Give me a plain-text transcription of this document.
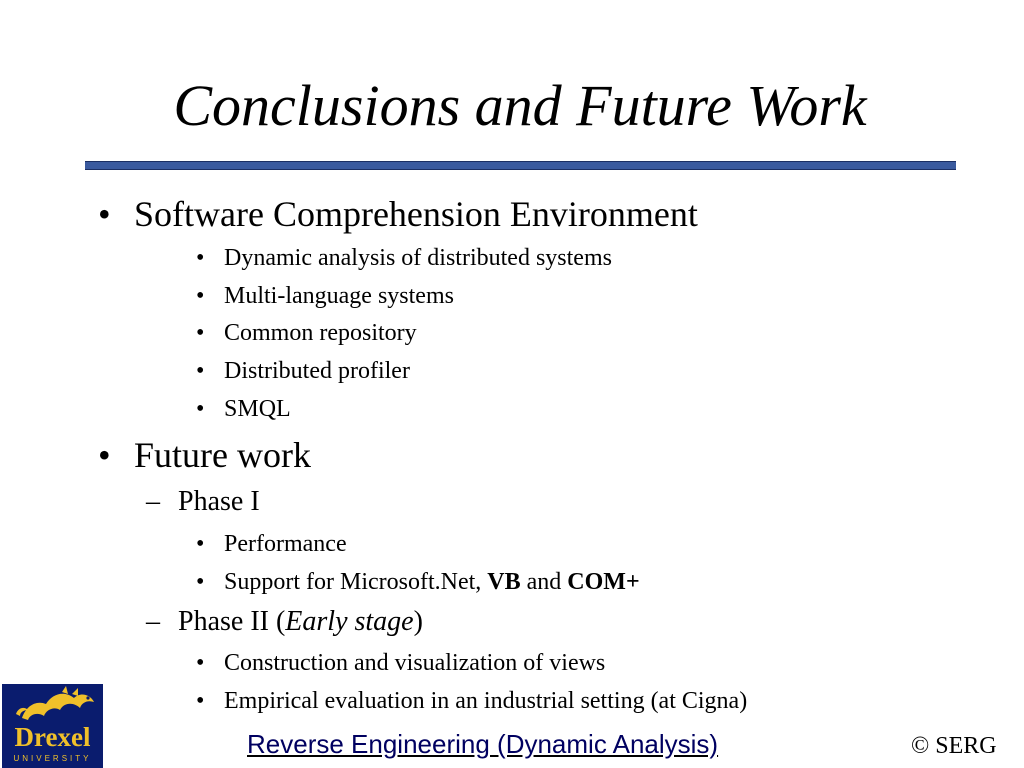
Conclusions and Future Work
• Software Comprehension Environment
• Dynamic analysis of distributed systems
• Multi-language systems
• Common repository
• Distributed profiler
• SMQL
• Future work
– Phase I
• Performance
• Support for Microsoft.Net, VB and COM+
– Phase II (Early stage)
• Construction and visualization of views
• Empirical evaluation in an industrial setting (at Cigna)
Drexel
UNIVERSITY	Reverse Engineering (Dynamic Analysis)	© SERG
